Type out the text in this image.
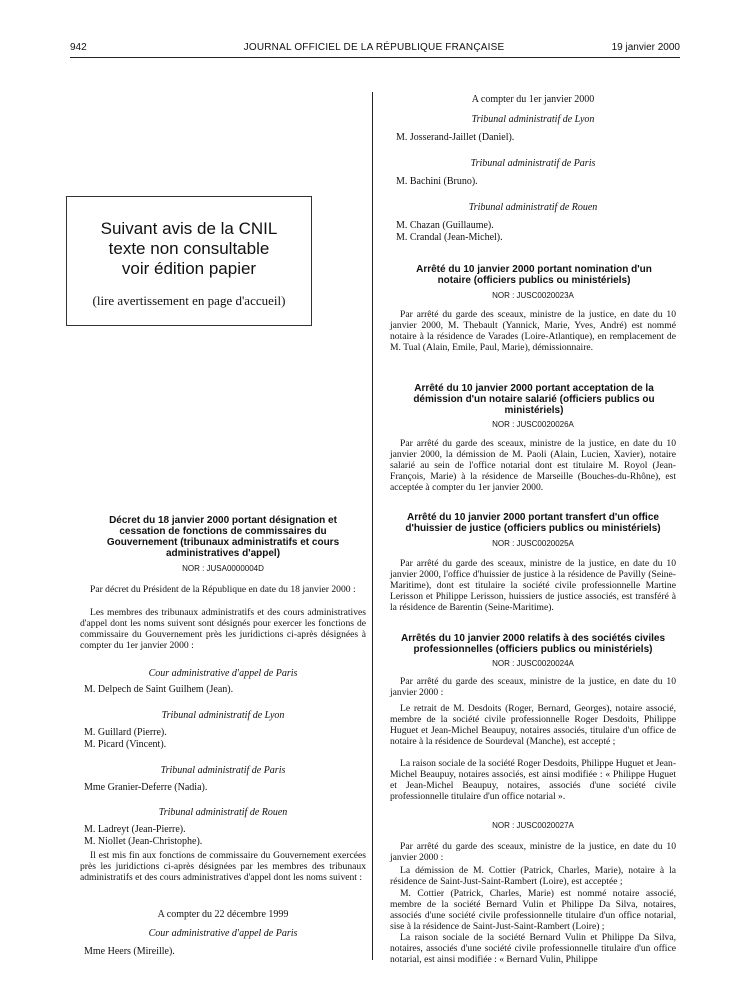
942	JOURNAL OFFICIEL DE LA RÉPUBLIQUE FRANÇAISE	19 janvier 2000
Suivant avis de la CNIL
texte non consultable
voir édition papier
(lire avertissement en page d'accueil)
Décret du 18 janvier 2000 portant désignation et cessation de fonctions de commissaires du Gouvernement (tribunaux administratifs et cours administratives d'appel)
NOR : JUSA0000004D
Par décret du Président de la République en date du 18 janvier 2000 :
Les membres des tribunaux administratifs et des cours administratives d'appel dont les noms suivent sont désignés pour exercer les fonctions de commissaire du Gouvernement près les juridictions ci-après désignées à compter du 1er janvier 2000 :
Cour administrative d'appel de Paris
M. Delpech de Saint Guilhem (Jean).
Tribunal administratif de Lyon
M. Guillard (Pierre).
M. Picard (Vincent).
Tribunal administratif de Paris
Mme Granier-Deferre (Nadia).
Tribunal administratif de Rouen
M. Ladreyt (Jean-Pierre).
M. Niollet (Jean-Christophe).
Il est mis fin aux fonctions de commissaire du Gouvernement exercées près les juridictions ci-après désignées par les membres des tribunaux administratifs et des cours administratives d'appel dont les noms suivent :
A compter du 22 décembre 1999
Cour administrative d'appel de Paris
Mme Heers (Mireille).
A compter du 1er janvier 2000
Tribunal administratif de Lyon
M. Josserand-Jaillet (Daniel).
Tribunal administratif de Paris
M. Bachini (Bruno).
Tribunal administratif de Rouen
M. Chazan (Guillaume).
M. Crandal (Jean-Michel).
Arrêté du 10 janvier 2000 portant nomination d'un notaire (officiers publics ou ministériels)
NOR : JUSC0020023A
Par arrêté du garde des sceaux, ministre de la justice, en date du 10 janvier 2000, M. Thebault (Yannick, Marie, Yves, André) est nommé notaire à la résidence de Varades (Loire-Atlantique), en remplacement de M. Tual (Alain, Emile, Paul, Marie), démissionnaire.
Arrêté du 10 janvier 2000 portant acceptation de la démission d'un notaire salarié (officiers publics ou ministériels)
NOR : JUSC0020026A
Par arrêté du garde des sceaux, ministre de la justice, en date du 10 janvier 2000, la démission de M. Paoli (Alain, Lucien, Xavier), notaire salarié au sein de l'office notarial dont est titulaire M. Royol (Jean-François, Marie) à la résidence de Marseille (Bouches-du-Rhône), est acceptée à compter du 1er janvier 2000.
Arrêté du 10 janvier 2000 portant transfert d'un office d'huissier de justice (officiers publics ou ministériels)
NOR : JUSC0020025A
Par arrêté du garde des sceaux, ministre de la justice, en date du 10 janvier 2000, l'office d'huissier de justice à la résidence de Pavilly (Seine-Maritime), dont est titulaire la société civile professionnelle Martine Lerisson et Philippe Lerisson, huissiers de justice associés, est transféré à la résidence de Barentin (Seine-Maritime).
Arrêtés du 10 janvier 2000 relatifs à des sociétés civiles professionnelles (officiers publics ou ministériels)
NOR : JUSC0020024A
Par arrêté du garde des sceaux, ministre de la justice, en date du 10 janvier 2000 :
Le retrait de M. Desdoits (Roger, Bernard, Georges), notaire associé, membre de la société civile professionnelle Roger Desdoits, Philippe Huguet et Jean-Michel Beaupuy, notaires associés, titulaire d'un office de notaire à la résidence de Sourdeval (Manche), est accepté ;
La raison sociale de la société Roger Desdoits, Philippe Huguet et Jean-Michel Beaupuy, notaires associés, est ainsi modifiée : « Philippe Huguet et Jean-Michel Beaupuy, notaires, associés d'une société civile professionnelle titulaire d'un office notarial ».
NOR : JUSC0020027A
Par arrêté du garde des sceaux, ministre de la justice, en date du 10 janvier 2000 :
La démission de M. Cottier (Patrick, Charles, Marie), notaire à la résidence de Saint-Just-Saint-Rambert (Loire), est acceptée ;
M. Cottier (Patrick, Charles, Marie) est nommé notaire associé, membre de la société Bernard Vulin et Philippe Da Silva, notaires, associés d'une société civile professionnelle titulaire d'un office notarial, sise à la résidence de Saint-Just-Saint-Rambert (Loire) ;
La raison sociale de la société Bernard Vulin et Philippe Da Silva, notaires, associés d'une société civile professionnelle titulaire d'un office notarial, est ainsi modifiée : « Bernard Vulin, Philippe
